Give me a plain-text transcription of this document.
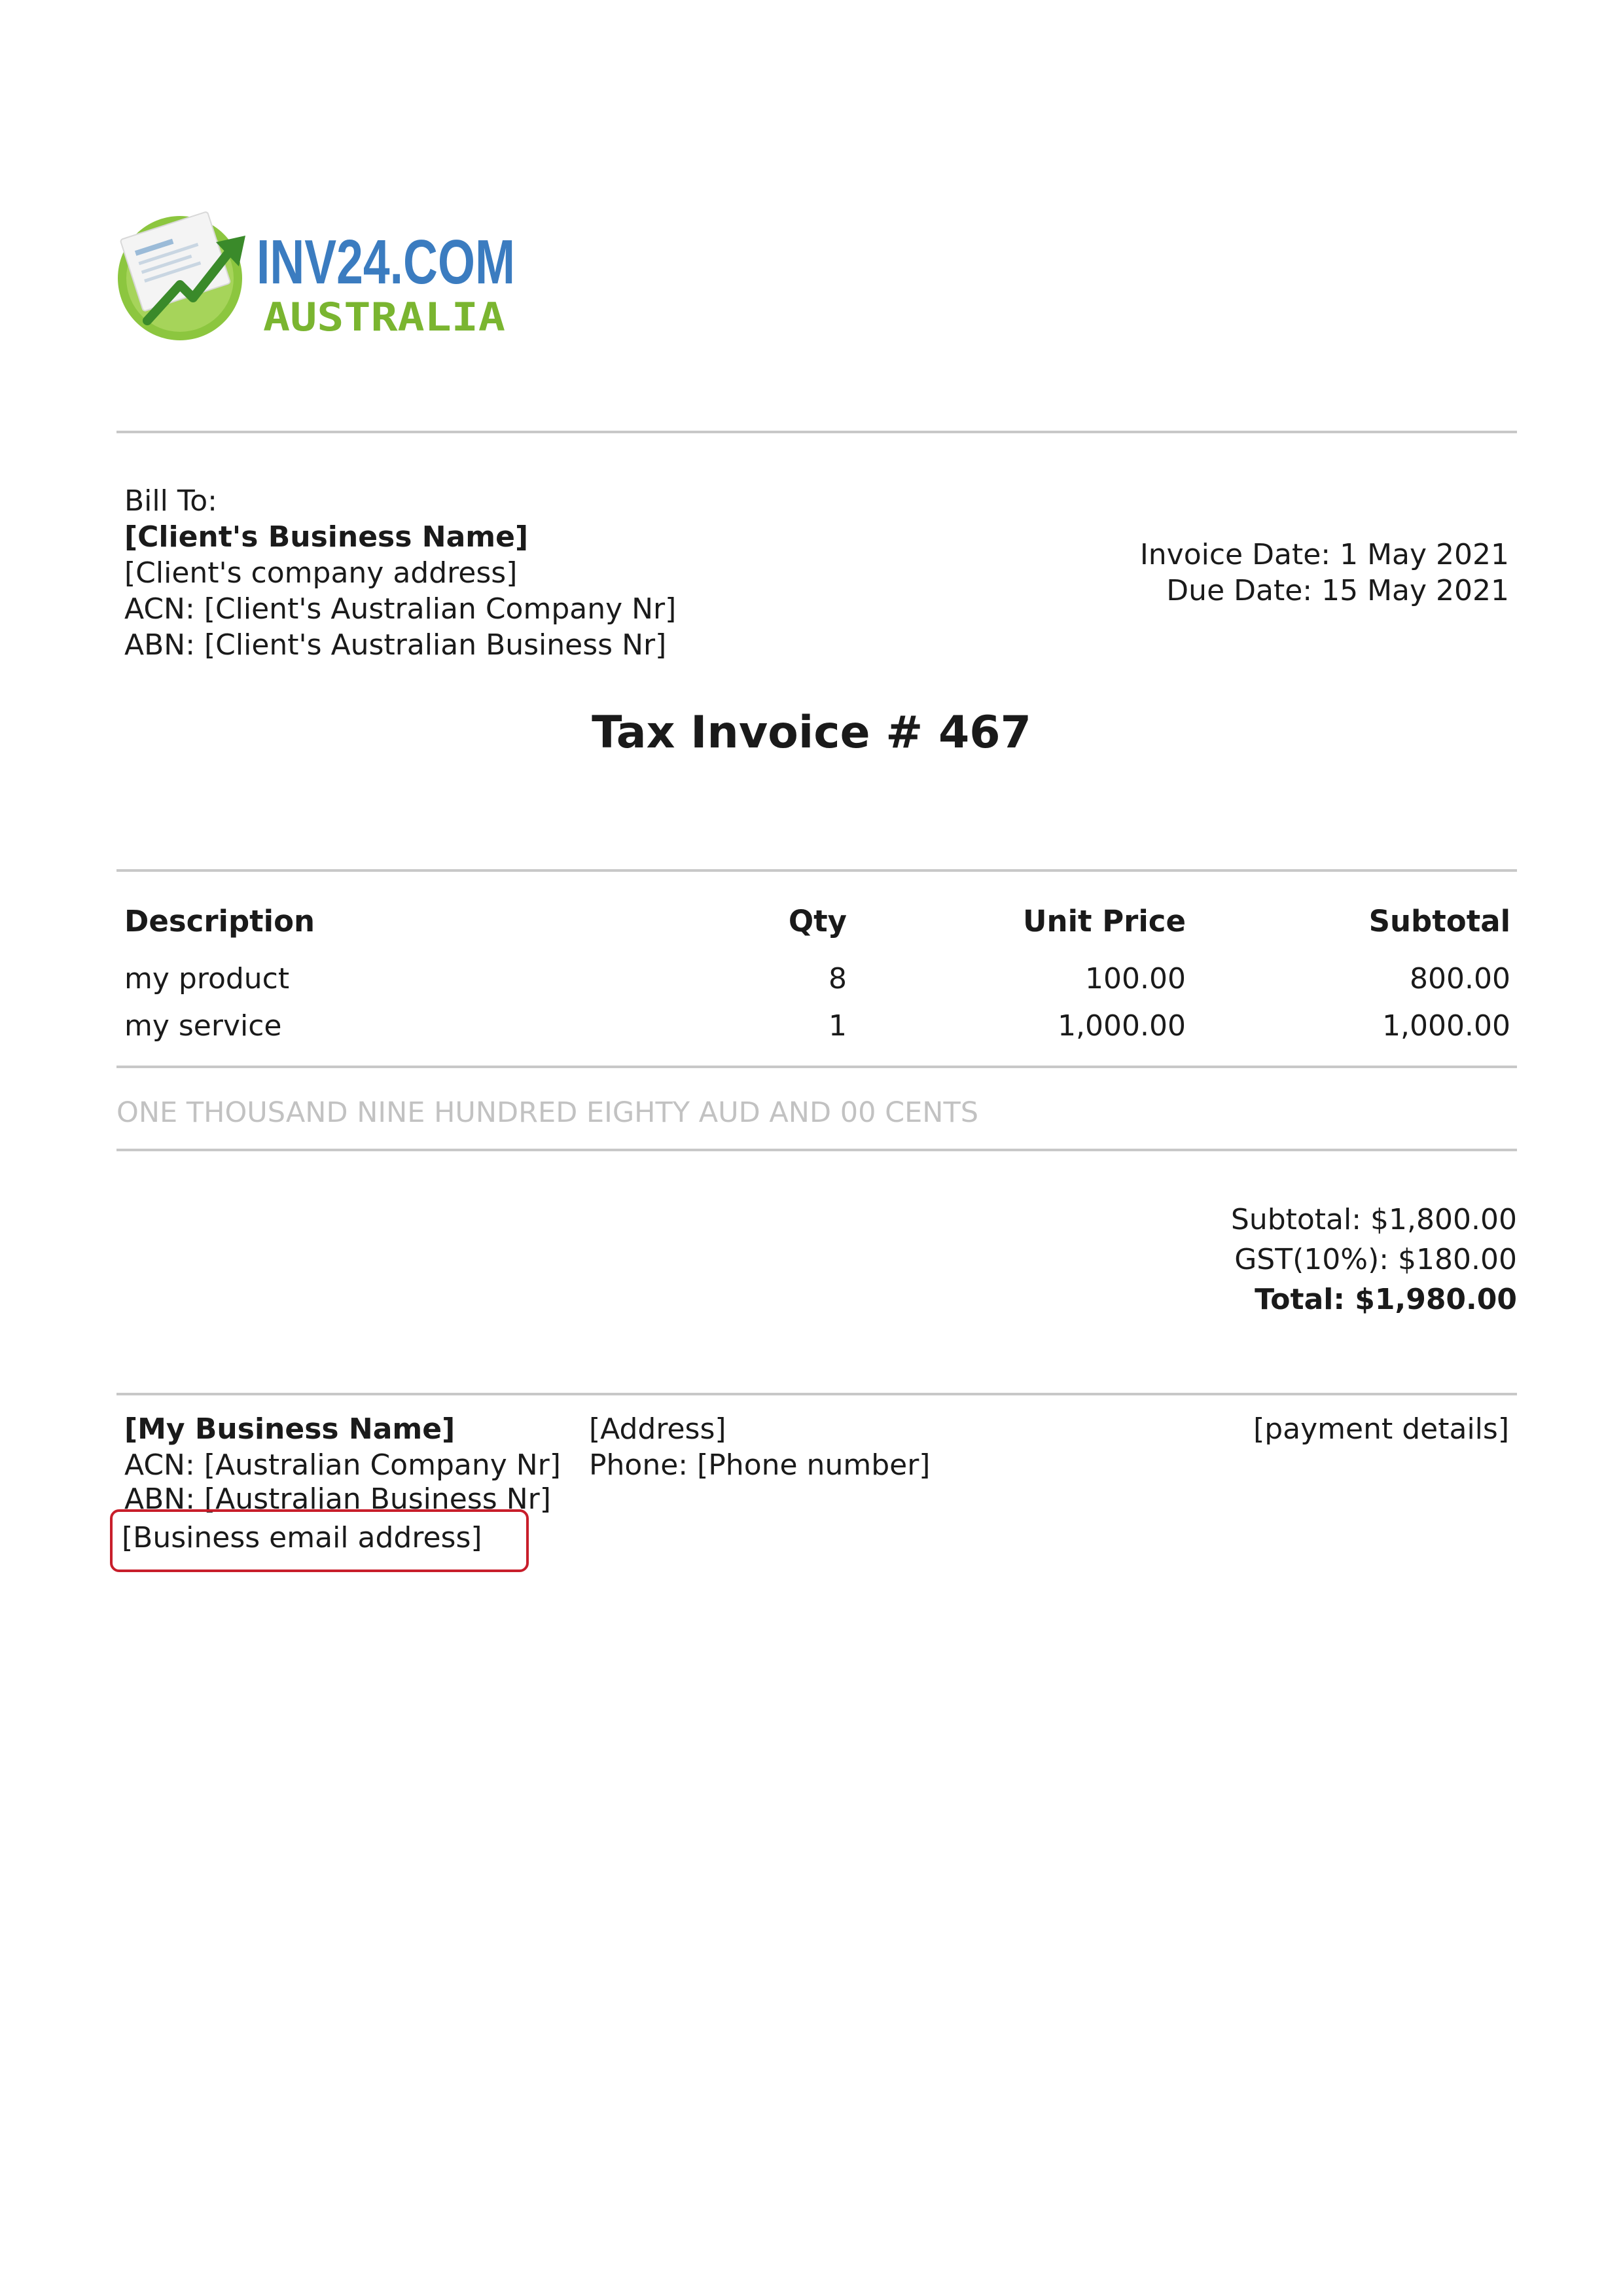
INV24.COM
AUSTRALIA
Bill To:
[Client's Business Name]
[Client's company address]
ACN: [Client's Australian Company Nr]
ABN: [Client's Australian Business Nr]
Invoice Date: 1 May 2021
Due Date: 15 May 2021
Tax Invoice # 467
Description	Qty	Unit Price	Subtotal
my product	8	100.00	800.00
my service	1	1,000.00	1,000.00
ONE THOUSAND NINE HUNDRED EIGHTY AUD AND 00 CENTS
Subtotal: $1,800.00
GST(10%): $180.00
Total: $1,980.00
[My Business Name]
ACN: [Australian Company Nr]
ABN: [Australian Business Nr]
[Business email address]
[Address]
Phone: [Phone number]
[payment details]
